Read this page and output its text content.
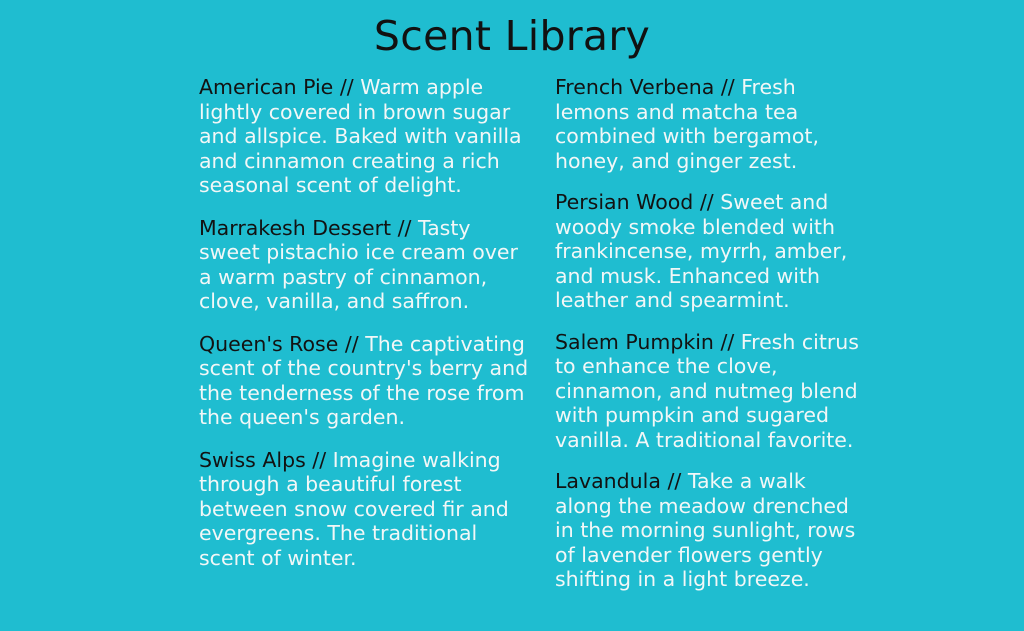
Scent Library
American Pie // Warm apple lightly covered in brown sugar and allspice. Baked with vanilla and cinnamon creating a rich seasonal scent of delight.
Marrakesh Dessert // Tasty sweet pistachio ice cream over a warm pastry of cinnamon, clove, vanilla, and saffron.
Queen's Rose // The captivating scent of the country's berry and the tenderness of the rose from the queen's garden.
Swiss Alps // Imagine walking through a beautiful forest between snow covered fir and evergreens. The traditional scent of winter.
French Verbena // Fresh lemons and matcha tea combined with bergamot, honey, and ginger zest.
Persian Wood // Sweet and woody smoke blended with frankincense, myrrh, amber, and musk. Enhanced with leather and spearmint.
Salem Pumpkin // Fresh citrus to enhance the clove, cinnamon, and nutmeg blend with pumpkin and sugared vanilla. A traditional favorite.
Lavandula // Take a walk along the meadow drenched in the morning sunlight, rows of lavender flowers gently shifting in a light breeze.
